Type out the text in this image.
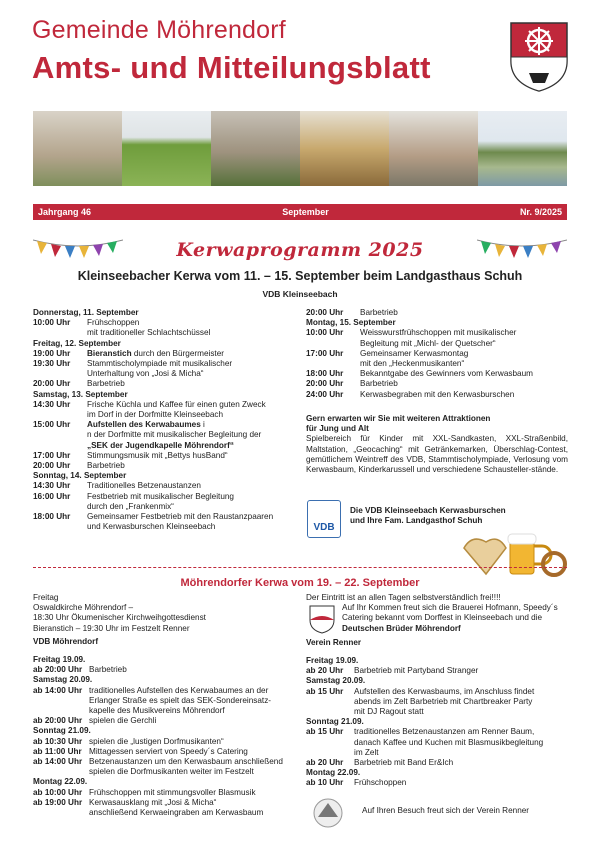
Gemeinde Möhrendorf
Amts- und Mitteilungsblatt
Jahrgang 46	September	Nr. 9/2025
Kerwaprogramm 2025
Kleinseebacher Kerwa vom 11. – 15. September beim Landgasthaus Schuh
VDB Kleinseebach
Donnerstag, 11. September
10:00 Uhr	Frühschoppen
mit traditioneller Schlachtschüssel
Freitag, 12. September
19:00 Uhr	Bieranstich durch den Bürgermeister
19:30 Uhr	Stammtischolympiade mit musikalischer
Unterhaltung von „Josi & Micha“
20:00 Uhr	Barbetrieb
Samstag, 13. September
14:30 Uhr	Frische Küchla und Kaffee für einen guten Zweck
im Dorf in der Dorfmitte Kleinseebach
15:00 Uhr	Aufstellen des Kerwabaumes i
n der Dorfmitte mit musikalischer Begleitung der
„SEK der Jugendkapelle Möhrendorf“
17:00 Uhr	Stimmungsmusik mit „Bettys husBand“
20:00 Uhr	Barbetrieb
Sonntag, 14. September
14:30 Uhr	Traditionelles Betzenaustanzen
16:00 Uhr	Festbetrieb mit musikalischer Begleitung
durch den „Frankenmix“
18:00 Uhr	Gemeinsamer Festbetrieb mit den Raustanzpaaren
und Kerwasburschen Kleinseebach
20:00 Uhr	Barbetrieb
Montag, 15. September
10:00 Uhr	Weisswurstfrühschoppen mit musikalischer
Begleitung mit „Michl- der Quetscher“
17:00 Uhr	Gemeinsamer Kerwasmontag
mit den „Heckenmusikanten“
18:00 Uhr	Bekanntgabe des Gewinners vom Kerwasbaum
20:00 Uhr	Barbetrieb
24:00 Uhr	Kerwasbegraben mit den Kerwasburschen
Gern erwarten wir Sie mit weiteren Attraktionen
für Jung und Alt
Spielbereich für Kinder mit XXL-Sandkasten, XXL-Straßenbild, Maltstation, „Geocaching“ mit Getränkemarken, Überschlag-Contest, gemütlichem Weintreff des VDB, Stammtischolympiade, Verlosung vom Kerwasbaum, Kinderkarussell und verschiedene Schausteller-stände.
VDB
Die VDB Kleinseebach Kerwasburschen
und Ihre Fam. Landgasthof Schuh
Möhrendorfer Kerwa vom 19. – 22. September
Freitag
Oswaldkirche Möhrendorf –
18:30 Uhr Ökumenischer Kirchweihgottesdienst
Bieranstich – 19:30 Uhr im Festzelt Renner
VDB Möhrendorf
Freitag 19.09.
ab 20:00 Uhr Barbetrieb
Samstag 20.09.
ab 14:00 Uhr traditionelles Aufstellen des Kerwabaumes an der
Erlanger Straße es spielt das SEK-Sondereinsatz-
kapelle des Musikvereins Möhrendorf
ab 20:00 Uhr spielen die Gerchli
Sonntag 21.09.
ab 10:30 Uhr spielen die „lustigen Dorfmusikanten“
ab 11:00 Uhr Mittagessen serviert von Speedy´s Catering
ab 14:00 Uhr Betzenaustanzen um den Kerwasbaum anschließend
spielen die Dorfmusikanten weiter im Festzelt
Montag 22.09.
ab 10:00 Uhr Frühschoppen mit stimmungsvoller Blasmusik
ab 19:00 Uhr Kerwasausklang mit „Josi & Micha“
anschließend Kerwaeingraben am Kerwasbaum
Der Eintritt ist an allen Tagen selbstverständlich frei!!!!
Auf Ihr Kommen freut sich die Brauerei Hofmann, Speedy´s
Catering bekannt vom Dorffest in Kleinseebach und die
Deutschen Brüder Möhrendorf
Verein Renner
Freitag 19.09.
ab 20 Uhr	Barbetrieb mit Partyband Stranger
Samstag 20.09.
ab 15 Uhr	Aufstellen des Kerwasbaums, im Anschluss findet
abends im Zelt Barbetrieb mit Chartbreaker Party
mit DJ Ragout statt
Sonntag 21.09.
ab 15 Uhr	traditionelles Betzenaustanzen am Renner Baum,
danach Kaffee und Kuchen mit Blasmusikbegleitung
im Zelt
ab 20 Uhr	Barbetrieb mit Band Er&Ich
Montag 22.09.
ab 10 Uhr	Frühschoppen
Auf Ihren Besuch freut sich der Verein Renner
